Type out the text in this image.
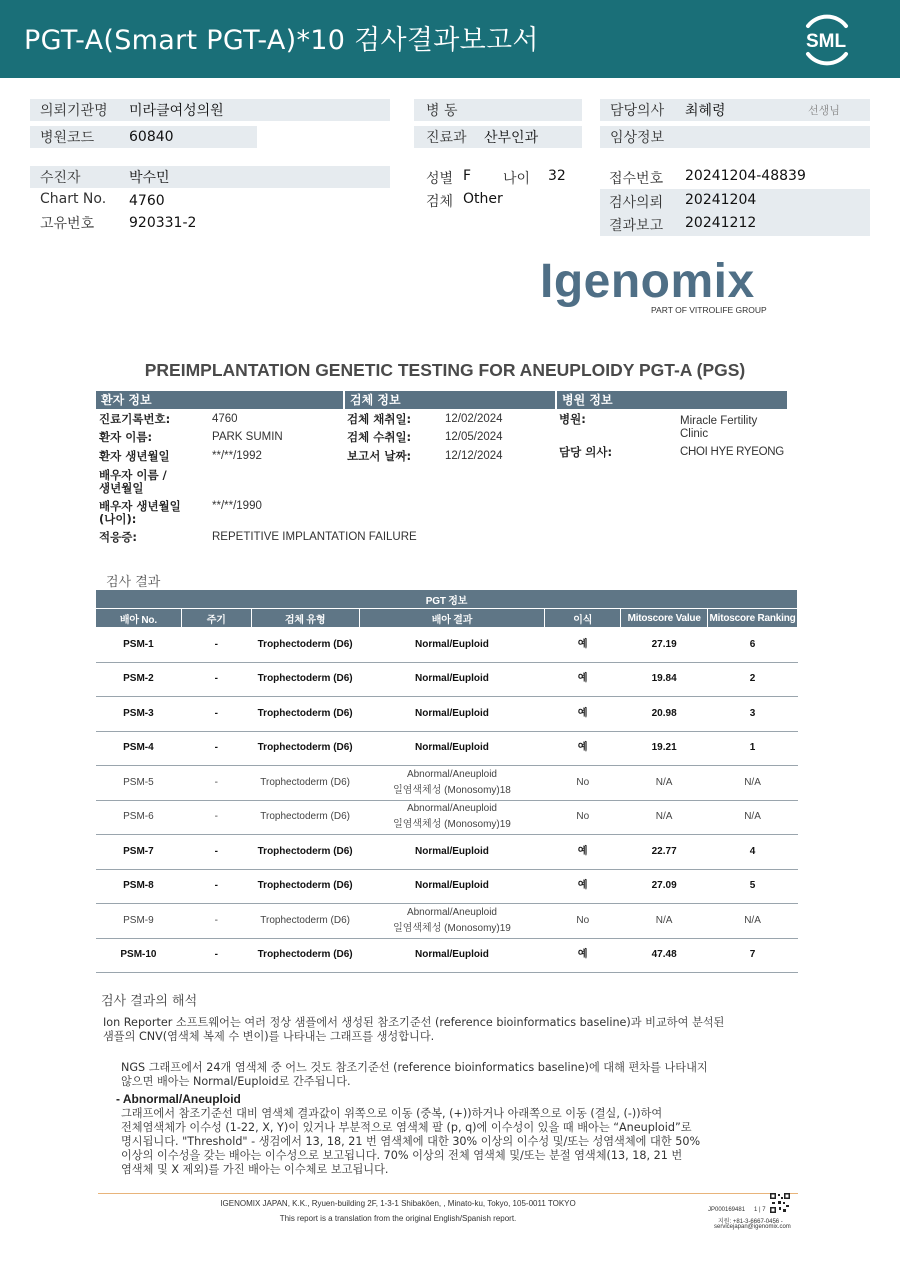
PGT-A(Smart PGT-A)*10 검사결과보고서	SML
의뢰기관명 미라클여성의원
병원코드 60840
병 동
진료과 산부인과
담당의사 최혜령	선생님
임상정보
수진자	박수민
Chart No. 4760
고유번호 920331-2
성별 F 나이 32
검체 Other
접수번호 20241204-48839
검사의뢰 20241204
결과보고 20241212
Igenomix
PART OF VITROLIFE GROUP
PREIMPLANTATION GENETIC TESTING FOR ANEUPLOIDY PGT-A (PGS)
환자 정보	검체 정보	병원 정보
진료기록번호:	4760
환자 이름:	PARK SUMIN
환자 생년월일	**/**/1992
배우자 이름 /
생년월일
배우자 생년월일
(나이):
**/**/1990
적응증:	REPETITIVE IMPLANTATION FAILURE
검체 채취일:	12/02/2024
검체 수취일:	12/05/2024
보고서 날짜:	12/12/2024
병원:	Miracle Fertility
Clinic
담당 의사:	CHOI HYE RYEONG
검사 결과
PGT 정보						
배아 No.	주기	검체 유형	배아 결과	이식	Mitoscore Value	Mitoscore Ranking
PSM-1	-	Trophectoderm (D6)	Normal/Euploid	예	27.19	6
PSM-2	-	Trophectoderm (D6)	Normal/Euploid	예	19.84	2
PSM-3	-	Trophectoderm (D6)	Normal/Euploid	예	20.98	3
PSM-4	-	Trophectoderm (D6)	Normal/Euploid	예	19.21	1
PSM-5	-	Trophectoderm (D6)	Abnormal/Aneuploid
일염색체성 (Monosomy)18	No	N/A	N/A
PSM-6	-	Trophectoderm (D6)	Abnormal/Aneuploid
일염색체성 (Monosomy)19	No	N/A	N/A
PSM-7	-	Trophectoderm (D6)	Normal/Euploid	예	22.77	4
PSM-8	-	Trophectoderm (D6)	Normal/Euploid	예	27.09	5
PSM-9	-	Trophectoderm (D6)	Abnormal/Aneuploid
일염색체성 (Monosomy)19	No	N/A	N/A
PSM-10	-	Trophectoderm (D6)	Normal/Euploid	예	47.48	7
검사 결과의 해석
Ion Reporter 소프트웨어는 여러 정상 샘플에서 생성된 참조기준선 (reference bioinformatics baseline)과 비교하여 분석된
샘플의 CNV(염색체 복제 수 변이)를 나타내는 그래프를 생성합니다.
NGS 그래프에서 24개 염색체 중 어느 것도 참조기준선 (reference bioinformatics baseline)에 대해 편차를 나타내지
않으면 배아는 Normal/Euploid로 간주됩니다.
- Abnormal/Aneuploid
그래프에서 참조기준선 대비 염색체 결과값이 위쪽으로 이동 (중복, (+))하거나 아래쪽으로 이동 (결실, (-))하여
전체염색체가 이수성 (1-22, X, Y)이 있거나 부분적으로 염색체 팔 (p, q)에 이수성이 있을 때 배아는 “Aneuploid”로
명시됩니다. "Threshold" - 생검에서 13, 18, 21 번 염색체에 대한 30% 이상의 이수성 및/또는 성염색체에 대한 50%
이상의 이수성을 갖는 배아는 이수성으로 보고됩니다. 70% 이상의 전체 염색체 및/또는 분절 염색체(13, 18, 21 번
염색체 및 X 제외)를 가진 배아는 이수체로 보고됩니다.
IGENOMIX JAPAN, K.K., Ryuen-building 2F, 1-3-1 Shibakōen, , Minato-ku, Tokyo, 105-0011 TOKYO
This report is a translation from the original English/Spanish report.
JP000169481 1 | 7
지원: +81-3-6667-0456 -
servicejapan@igenomix.com
